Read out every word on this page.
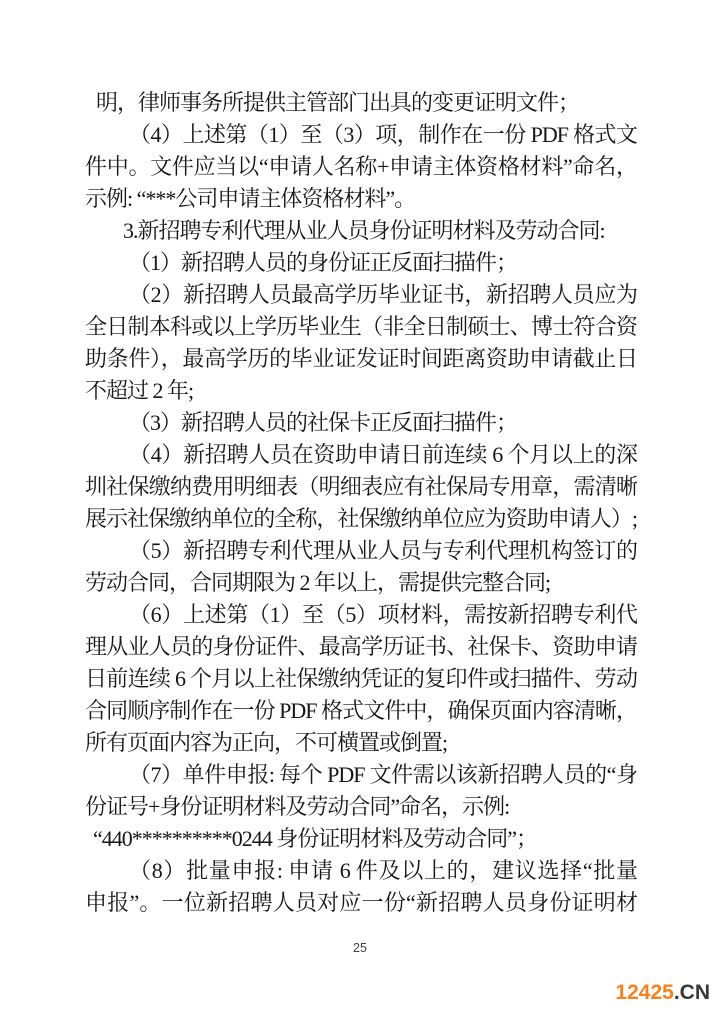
明，律师事务所提供主管部门出具的变更证明文件；
（4）上述第（1）至（3）项，制作在一份 PDF 格式文
件中。文件应当以“申请人名称+申请主体资格材料”命名，
示例: “***公司申请主体资格材料”。
3.新招聘专利代理从业人员身份证明材料及劳动合同:
（1）新招聘人员的身份证正反面扫描件；
（2）新招聘人员最高学历毕业证书，新招聘人员应为
全日制本科或以上学历毕业生（非全日制硕士、博士符合资
助条件），最高学历的毕业证发证时间距离资助申请截止日
不超过 2 年;
（3）新招聘人员的社保卡正反面扫描件；
（4）新招聘人员在资助申请日前连续 6 个月以上的深
圳社保缴纳费用明细表（明细表应有社保局专用章，需清晰
展示社保缴纳单位的全称，社保缴纳单位应为资助申请人）;
（5）新招聘专利代理从业人员与专利代理机构签订的
劳动合同，合同期限为 2 年以上，需提供完整合同;
（6）上述第（1）至（5）项材料，需按新招聘专利代
理从业人员的身份证件、最高学历证书、社保卡、资助申请
日前连续 6 个月以上社保缴纳凭证的复印件或扫描件、劳动
合同顺序制作在一份 PDF 格式文件中，确保页面内容清晰，
所有页面内容为正向，不可横置或倒置;
（7）单件申报: 每个 PDF 文件需以该新招聘人员的“身
份证号+身份证明材料及劳动合同”命名，示例:
“440**********0244 身份证明材料及劳动合同”；
（8）批量申报: 申请 6 件及以上的，建议选择“批量
申报”。一位新招聘人员对应一份“新招聘人员身份证明材
25
12425.CN
